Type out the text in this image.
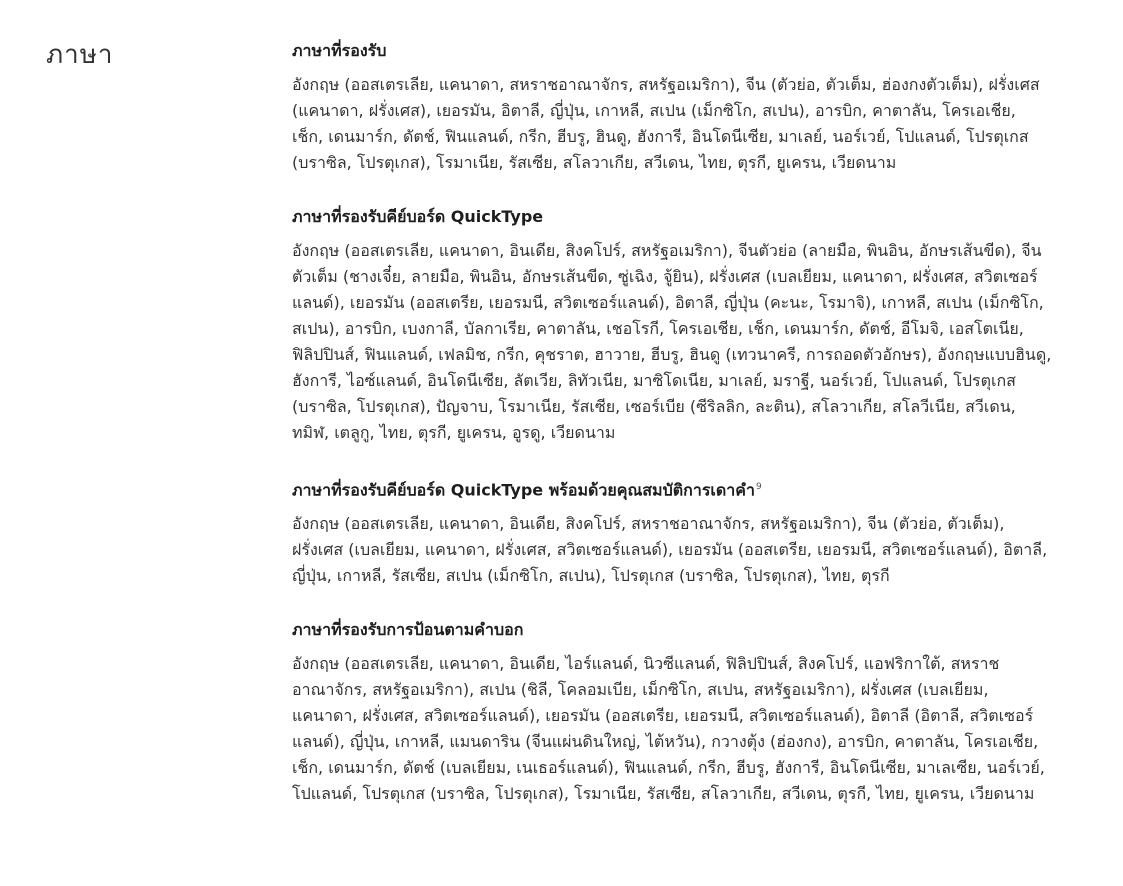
ภาษา	ภาษาที่รองรับ

อังกฤษ (ออสเตรเลีย, แคนาดา, สหราชอาณาจักร, สหรัฐอเมริกา), จีน (ตัวย่อ, ตัวเต็ม, ฮ่องกงตัวเต็ม), ฝรั่งเศส (แคนาดา, ฝรั่งเศส), เยอรมัน, อิตาลี, ญี่ปุ่น, เกาหลี, สเปน (เม็กซิโก, สเปน), อารบิก, คาตาลัน, โครเอเชีย, เช็ก, เดนมาร์ก, ดัตช์, ฟินแลนด์, กรีก, ฮีบรู, ฮินดู, ฮังการี, อินโดนีเซีย, มาเลย์, นอร์เวย์, โปแลนด์, โปรตุเกส (บราซิล, โปรตุเกส), โรมาเนีย, รัสเซีย, สโลวาเกีย, สวีเดน, ไทย, ตุรกี, ยูเครน, เวียดนาม

ภาษาที่รองรับคีย์บอร์ด QuickType

อังกฤษ (ออสเตรเลีย, แคนาดา, อินเดีย, สิงคโปร์, สหรัฐอเมริกา), จีนตัวย่อ (ลายมือ, พินอิน, อักษรเส้นขีด), จีนตัวเต็ม (ชางเจี๋ย, ลายมือ, พินอิน, อักษรเส้นขีด, ซู่เฉิง, จู้ยิน), ฝรั่งเศส (เบลเยียม, แคนาดา, ฝรั่งเศส, สวิตเซอร์แลนด์), เยอรมัน (ออสเตรีย, เยอรมนี, สวิตเซอร์แลนด์), อิตาลี, ญี่ปุ่น (คะนะ, โรมาจิ), เกาหลี, สเปน (เม็กซิโก, สเปน), อารบิก, เบงกาลี, บัลกาเรีย, คาตาลัน, เชอโรกี, โครเอเชีย, เช็ก, เดนมาร์ก, ดัตช์, อีโมจิ, เอสโตเนีย, ฟิลิปปินส์, ฟินแลนด์, เฟลมิช, กรีก, คุชราต, ฮาวาย, ฮีบรู, ฮินดู (เทวนาครี, การถอดตัวอักษร), อังกฤษแบบฮินดู, ฮังการี, ไอซ์แลนด์, อินโดนีเซีย, ลัตเวีย, ลิทัวเนีย, มาซิโดเนีย, มาเลย์, มราฐี, นอร์เวย์, โปแลนด์, โปรตุเกส (บราซิล, โปรตุเกส), ปัญจาบ, โรมาเนีย, รัสเซีย, เซอร์เบีย (ซีริลลิก, ละติน), สโลวาเกีย, สโลวีเนีย, สวีเดน, ทมิฬ, เตลูกู, ไทย, ตุรกี, ยูเครน, อูรดู, เวียดนาม

ภาษาที่รองรับคีย์บอร์ด QuickType พร้อมด้วยคุณสมบัติการเดาคำ$^9$

อังกฤษ (ออสเตรเลีย, แคนาดา, อินเดีย, สิงคโปร์, สหราชอาณาจักร, สหรัฐอเมริกา), จีน (ตัวย่อ, ตัวเต็ม), ฝรั่งเศส (เบลเยียม, แคนาดา, ฝรั่งเศส, สวิตเซอร์แลนด์), เยอรมัน (ออสเตรีย, เยอรมนี, สวิตเซอร์แลนด์), อิตาลี, ญี่ปุ่น, เกาหลี, รัสเซีย, สเปน (เม็กซิโก, สเปน), โปรตุเกส (บราซิล, โปรตุเกส), ไทย, ตุรกี

ภาษาที่รองรับการป้อนตามคำบอก

อังกฤษ (ออสเตรเลีย, แคนาดา, อินเดีย, ไอร์แลนด์, นิวซีแลนด์, ฟิลิปปินส์, สิงคโปร์, แอฟริกาใต้, สหราชอาณาจักร, สหรัฐอเมริกา), สเปน (ชิลี, โคลอมเบีย, เม็กซิโก, สเปน, สหรัฐอเมริกา), ฝรั่งเศส (เบลเยียม, แคนาดา, ฝรั่งเศส, สวิตเซอร์แลนด์), เยอรมัน (ออสเตรีย, เยอรมนี, สวิตเซอร์แลนด์), อิตาลี (อิตาลี, สวิตเซอร์แลนด์), ญี่ปุ่น, เกาหลี, แมนดาริน (จีนแผ่นดินใหญ่, ไต้หวัน), กวางตุ้ง (ฮ่องกง), อารบิก, คาตาลัน, โครเอเชีย, เช็ก, เดนมาร์ก, ดัตช์ (เบลเยียม, เนเธอร์แลนด์), ฟินแลนด์, กรีก, ฮีบรู, ฮังการี, อินโดนีเซีย, มาเลเซีย, นอร์เวย์, โปแลนด์, โปรตุเกส (บราซิล, โปรตุเกส), โรมาเนีย, รัสเซีย, สโลวาเกีย, สวีเดน, ตุรกี, ไทย, ยูเครน, เวียดนาม
